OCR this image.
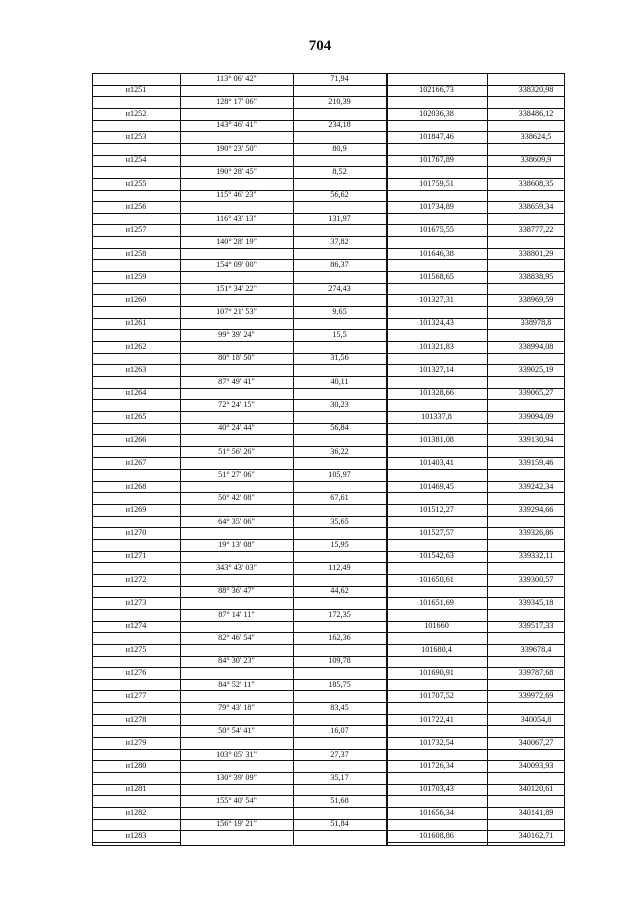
704
113° 06' 42"	71,94
н1251	102166,73	338320,98
128° 17' 06"	210,39
н1252	102036,38	338486,12
143° 46' 41"	234,18
н1253	101847,46	338624,5
190° 23' 50"	80,9
н1254	101767,89	338609,9
190° 28' 45"	8,52
н1255	101759,51	338608,35
115° 46' 23"	56,62
н1256	101734,89	338659,34
116° 43' 13"	131,97
н1257	101675,55	338777,22
140° 28' 19"	37,82
н1258	101646,38	338801,29
154° 09' 00"	86,37
н1259	101568,65	338838,95
151° 34' 22"	274,43
н1260	101327,31	338969,59
107° 21' 53"	9,65
н1261	101324,43	338978,8
99° 39' 24"	15,5
н1262	101321,83	338994,08
80° 18' 50"	31,56
н1263	101327,14	339025,19
87° 49' 41"	40,11
н1264	101328,66	339065,27
72° 24' 15"	30,23
н1265	101337,8	339094,09
40° 24' 44"	56,84
н1266	101381,08	339130,94
51° 56' 26"	36,22
н1267	101403,41	339159,46
51° 27' 06"	105,97
н1268	101469,45	339242,34
50° 42' 08"	67,61
н1269	101512,27	339294,66
64° 35' 06"	35,65
н1270	101527,57	339326,86
19° 13' 08"	15,95
н1271	101542,63	339332,11
343° 43' 03"	112,49
н1272	101650,61	339300,57
88° 36' 47"	44,62
н1273	101651,69	339345,18
87° 14' 11"	172,35
н1274	101660	339517,33
82° 46' 54"	162,36
н1275	101680,4	339678,4
84° 30' 23"	109,78
н1276	101690,91	339787,68
84° 52' 11"	185,75
н1277	101707,52	339972,69
79° 43' 18"	83,45
н1278	101722,41	340054,8
50° 54' 41"	16,07
н1279	101732,54	340067,27
103° 05' 31"	27,37
н1280	101726,34	340093,93
130° 39' 09"	35,17
н1281	101703,43	340120,61
155° 40' 54"	51,68
н1282	101656,34	340141,89
156° 19' 21"	51,84
н1283	101608,86	340162,71
